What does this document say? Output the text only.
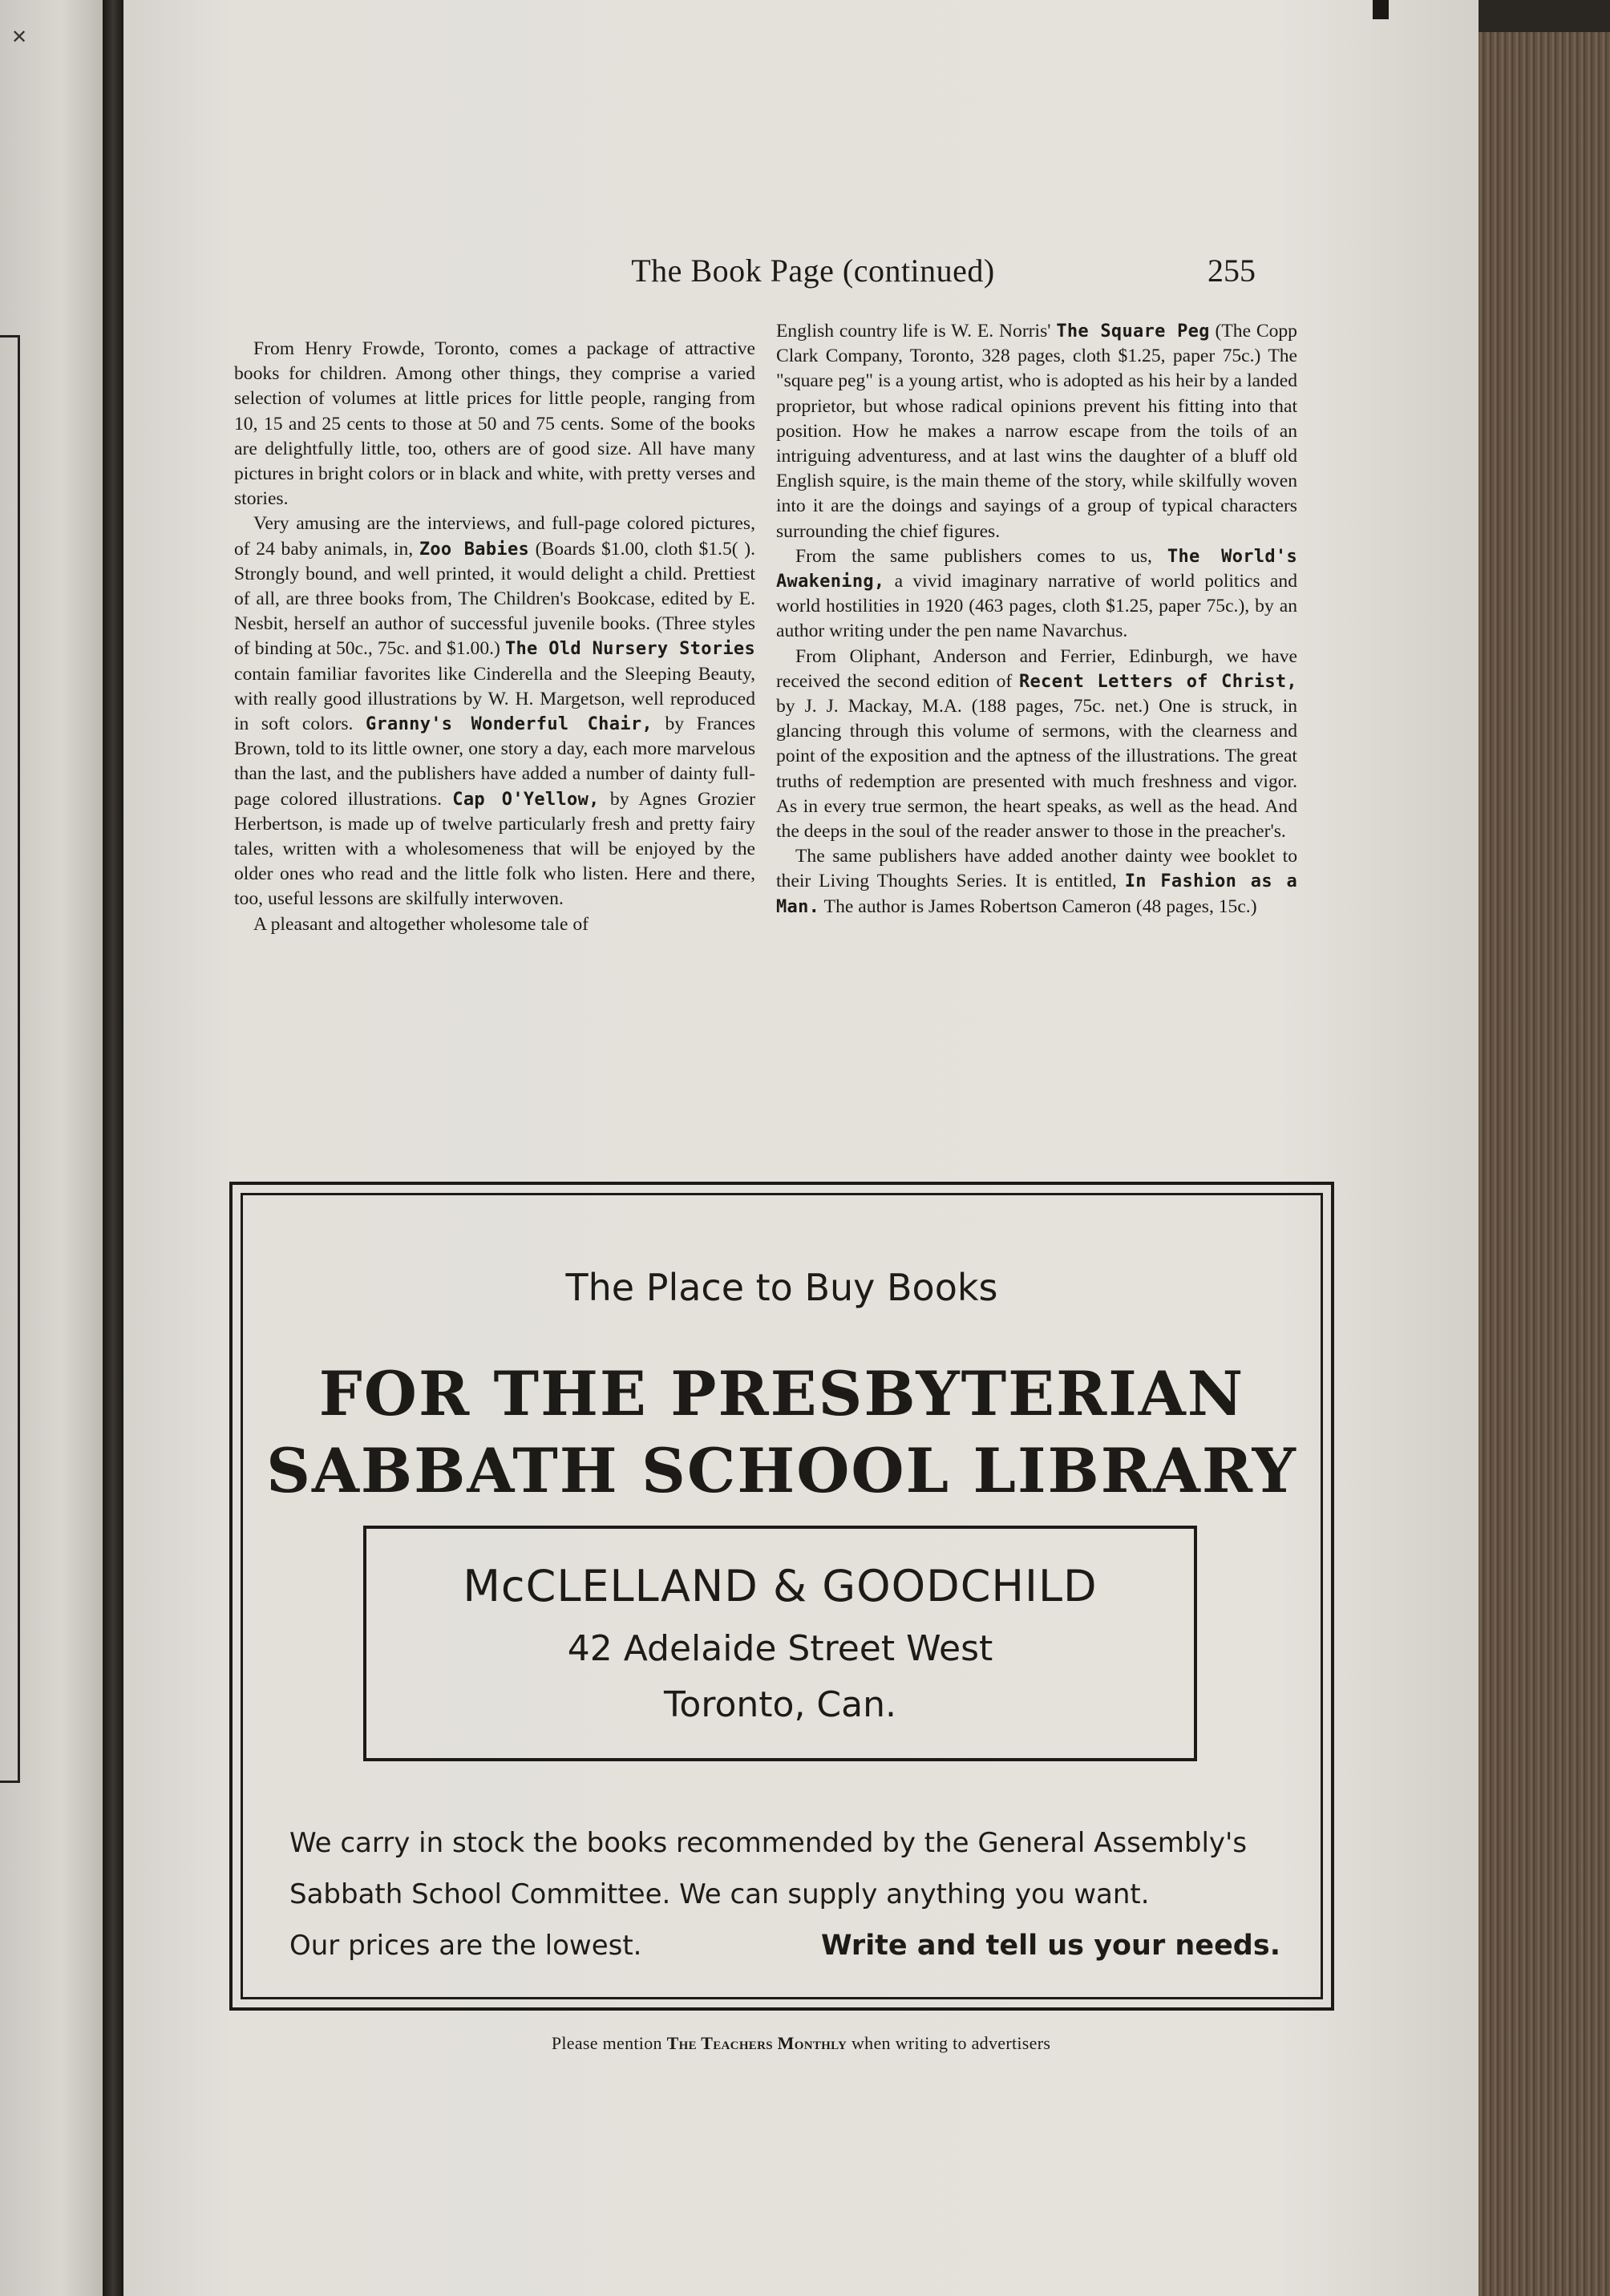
✕
The Book Page (continued)	255

From Henry Frowde, Toronto, comes a package of attractive books for children. Among other things, they comprise a varied selection of volumes at little prices for little people, ranging from 10, 15 and 25 cents to those at 50 and 75 cents. Some of the books are delightfully little, too, others are of good size. All have many pictures in bright colors or in black and white, with pretty verses and stories.

Very amusing are the interviews, and full-page colored pictures, of 24 baby animals, in, Zoo Babies (Boards $1.00, cloth $1.5( ). Strongly bound, and well printed, it would delight a child. Prettiest of all, are three books from, The Children's Bookcase, edited by E. Nesbit, herself an author of successful juvenile books. (Three styles of binding at 50c., 75c. and $1.00.) The Old Nursery Stories contain familiar favorites like Cinderella and the Sleeping Beauty, with really good illustrations by W. H. Margetson, well reproduced in soft colors. Granny's Wonderful Chair, by Frances Brown, told to its little owner, one story a day, each more marvelous than the last, and the publishers have added a number of dainty full-page colored illustrations. Cap O'Yellow, by Agnes Grozier Herbertson, is made up of twelve particularly fresh and pretty fairy tales, written with a wholesomeness that will be enjoyed by the older ones who read and the little folk who listen. Here and there, too, useful lessons are skilfully interwoven.

A pleasant and altogether wholesome tale of

English country life is W. E. Norris' The Square Peg (The Copp Clark Company, Toronto, 328 pages, cloth $1.25, paper 75c.) The "square peg" is a young artist, who is adopted as his heir by a landed proprietor, but whose radical opinions prevent his fitting into that position. How he makes a narrow escape from the toils of an intriguing adventuress, and at last wins the daughter of a bluff old English squire, is the main theme of the story, while skilfully woven into it are the doings and sayings of a group of typical characters surrounding the chief figures.

From the same publishers comes to us, The World's Awakening, a vivid imaginary narrative of world politics and world hostilities in 1920 (463 pages, cloth $1.25, paper 75c.), by an author writing under the pen name Navarchus.

From Oliphant, Anderson and Ferrier, Edinburgh, we have received the second edition of Recent Letters of Christ, by J. J. Mackay, M.A. (188 pages, 75c. net.) One is struck, in glancing through this volume of sermons, with the clearness and point of the exposition and the aptness of the illustrations. The great truths of redemption are presented with much freshness and vigor. As in every true sermon, the heart speaks, as well as the head. And the deeps in the soul of the reader answer to those in the preacher's.

The same publishers have added another dainty wee booklet to their Living Thoughts Series. It is entitled, In Fashion as a Man. The author is James Robertson Cameron (48 pages, 15c.)

The Place to Buy Books
FOR THE PRESBYTERIAN
SABBATH SCHOOL LIBRARY
McCLELLAND & GOODCHILD
42 Adelaide Street West
Toronto, Can.
We carry in stock the books recommended by the General Assembly's
Sabbath School Committee. We can supply anything you want.
Our prices are the lowest.	Write and tell us your needs.
Please mention The Teachers Monthly when writing to advertisers
